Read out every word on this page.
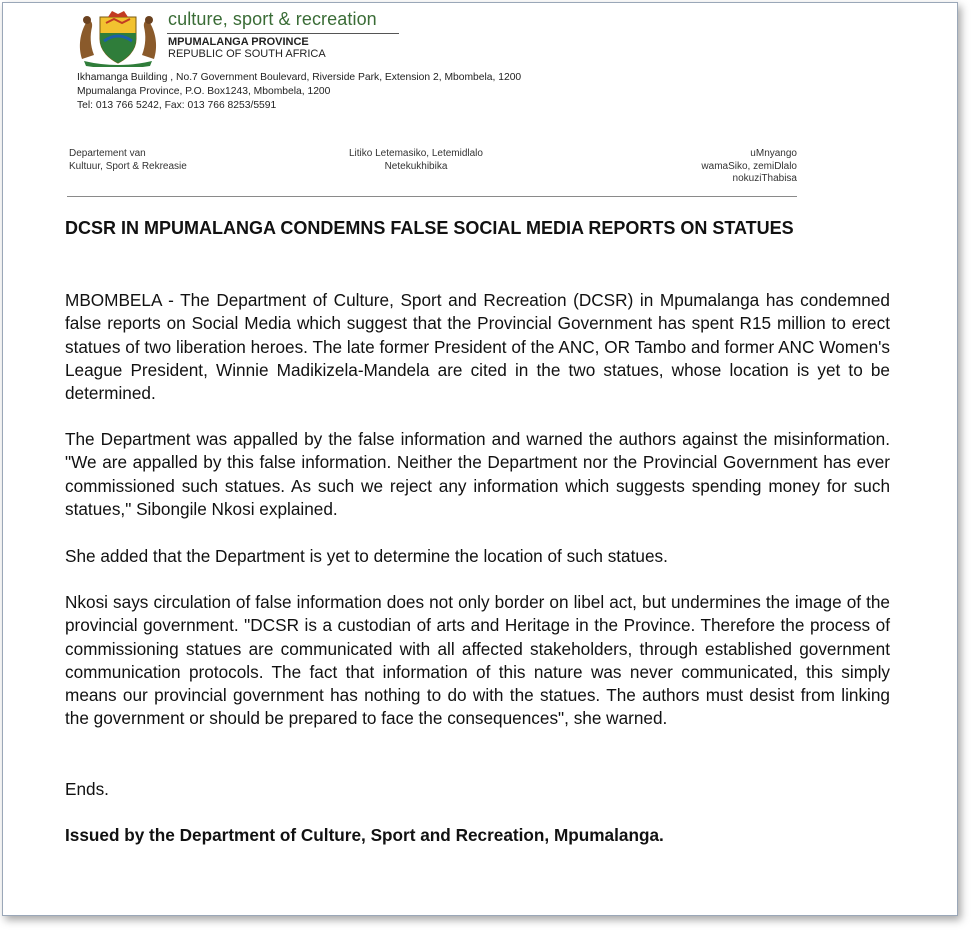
culture, sport & recreation
MPUMALANGA PROVINCE
REPUBLIC OF SOUTH AFRICA
Ikhamanga Building , No.7 Government Boulevard, Riverside Park, Extension 2, Mbombela, 1200
Mpumalanga Province, P.O. Box1243, Mbombela, 1200
Tel: 013 766 5242, Fax: 013 766 8253/5591
Departement van
Kultuur, Sport & Rekreasie
Litiko Letemasiko, Letemidlalo
Netekukhibika
uMnyango
wamaSiko, zemiDlalo
nokuziThabisa
DCSR IN MPUMALANGA CONDEMNS FALSE SOCIAL MEDIA REPORTS ON STATUES

MBOMBELA - The Department of Culture, Sport and Recreation (DCSR) in Mpumalanga has condemned false reports on Social Media which suggest that the Provincial Government has spent R15 million to erect statues of two liberation heroes. The late former President of the ANC, OR Tambo and former ANC Women's League President, Winnie Madikizela-Mandela are cited in the two statues, whose location is yet to be determined.

The Department was appalled by the false information and warned the authors against the misinformation. "We are appalled by this false information. Neither the Department nor the Provincial Government has ever commissioned such statues. As such we reject any information which suggests spending money for such statues," Sibongile Nkosi explained.

She added that the Department is yet to determine the location of such statues.

Nkosi says circulation of false information does not only border on libel act, but undermines the image of the provincial government. "DCSR is a custodian of arts and Heritage in the Province. Therefore the process of commissioning statues are communicated with all affected stakeholders, through established government communication protocols. The fact that information of this nature was never communicated, this simply means our provincial government has nothing to do with the statues. The authors must desist from linking the government or should be prepared to face the consequences", she warned.

Ends.

Issued by the Department of Culture, Sport and Recreation, Mpumalanga.
